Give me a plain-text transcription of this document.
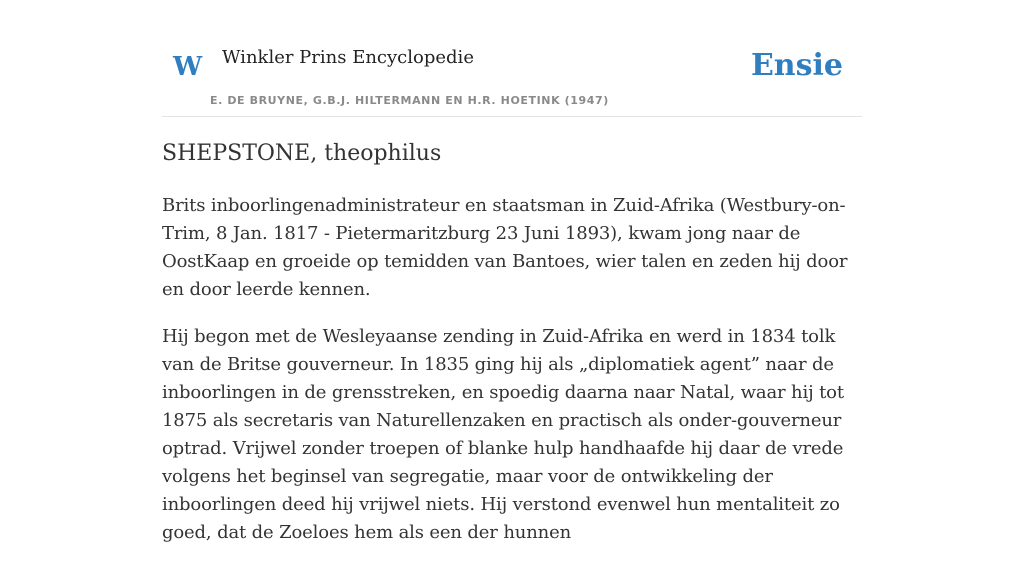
W Winkler Prins Encyclopedie
E. DE BRUYNE, G.B.J. HILTERMANN EN H.R. HOETINK (1947)
Ensie
SHEPSTONE, theophilus

Brits inboorlingenadministrateur en staatsman in Zuid-Afrika (Westbury-on-Trim, 8 Jan. 1817 - Pietermaritzburg 23 Juni 1893), kwam jong naar de OostKaap en groeide op temidden van Bantoes, wier talen en zeden hij door en door leerde kennen.

Hij begon met de Wesleyaanse zending in Zuid-Afrika en werd in 1834 tolk van de Britse gouverneur. In 1835 ging hij als „diplomatiek agent” naar de inboorlingen in de grensstreken, en spoedig daarna naar Natal, waar hij tot 1875 als secretaris van Naturellenzaken en practisch als onder-gouverneur optrad. Vrijwel zonder troepen of blanke hulp handhaafde hij daar de vrede volgens het beginsel van segregatie, maar voor de ontwikkeling der inboorlingen deed hij vrijwel niets. Hij verstond evenwel hun mentaliteit zo goed, dat de Zoeloes hem als een der hunnen
